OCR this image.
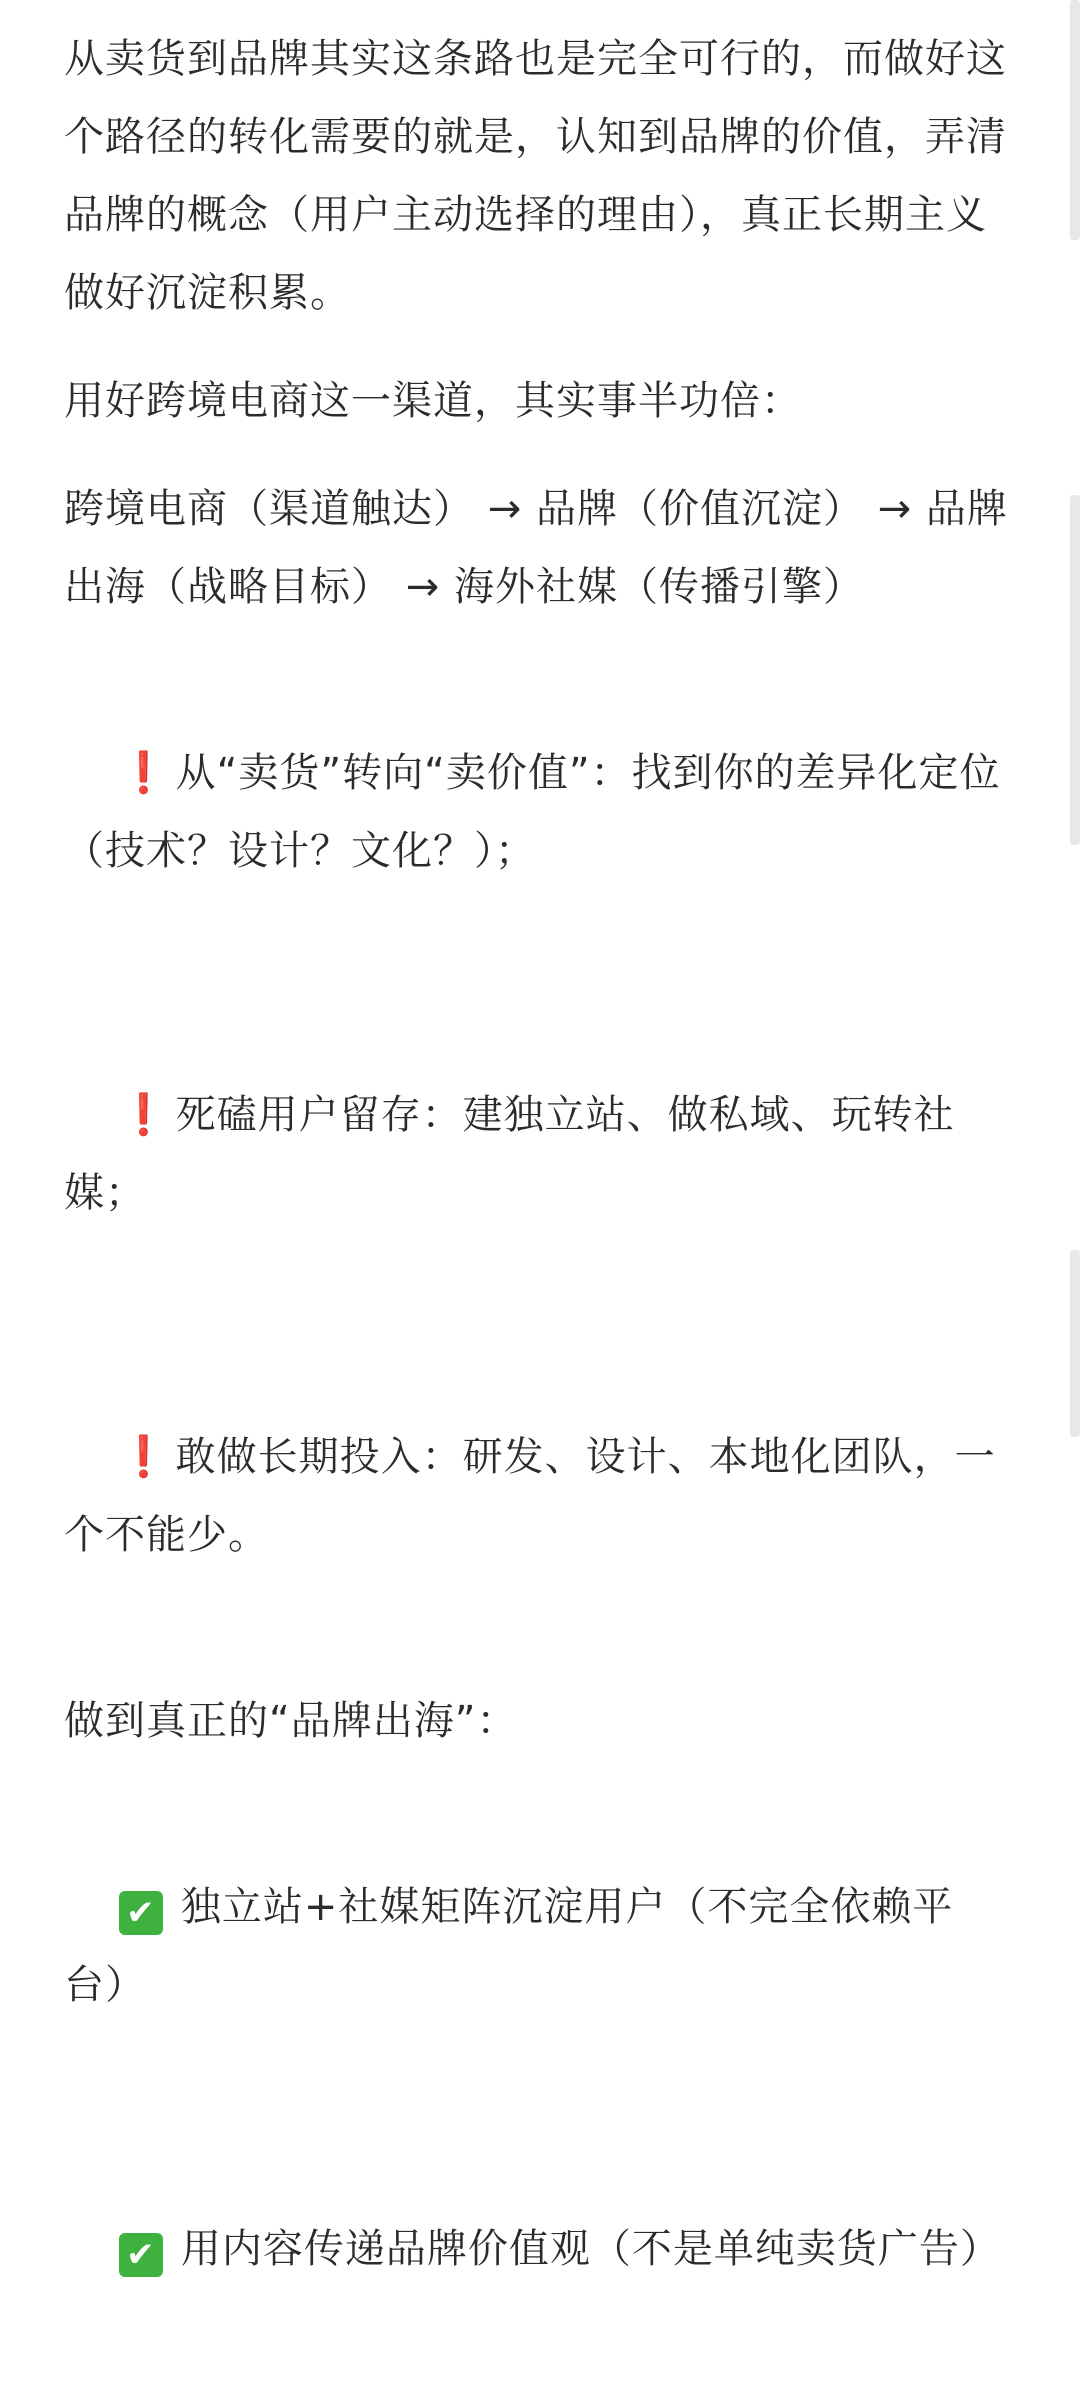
从卖货到品牌其实这条路也是完全可行的，而做好这个路径的转化需要的就是，认知到品牌的价值，弄清品牌的概念（用户主动选择的理由），真正长期主义做好沉淀积累。

用好跨境电商这一渠道，其实事半功倍：

跨境电商（渠道触达） → 品牌（价值沉淀） → 品牌出海（战略目标） → 海外社媒（传播引擎）

❗ 从“卖货”转向“卖价值”：找到你的差异化定位（技术？设计？文化？）；

❗ 死磕用户留存：建独立站、做私域、玩转社媒；

❗ 敢做长期投入：研发、设计、本地化团队，一个不能少。

做到真正的“品牌出海”：

✔ 独立站+社媒矩阵沉淀用户（不完全依赖平台）

✔ 用内容传递品牌价值观（不是单纯卖货广告）
